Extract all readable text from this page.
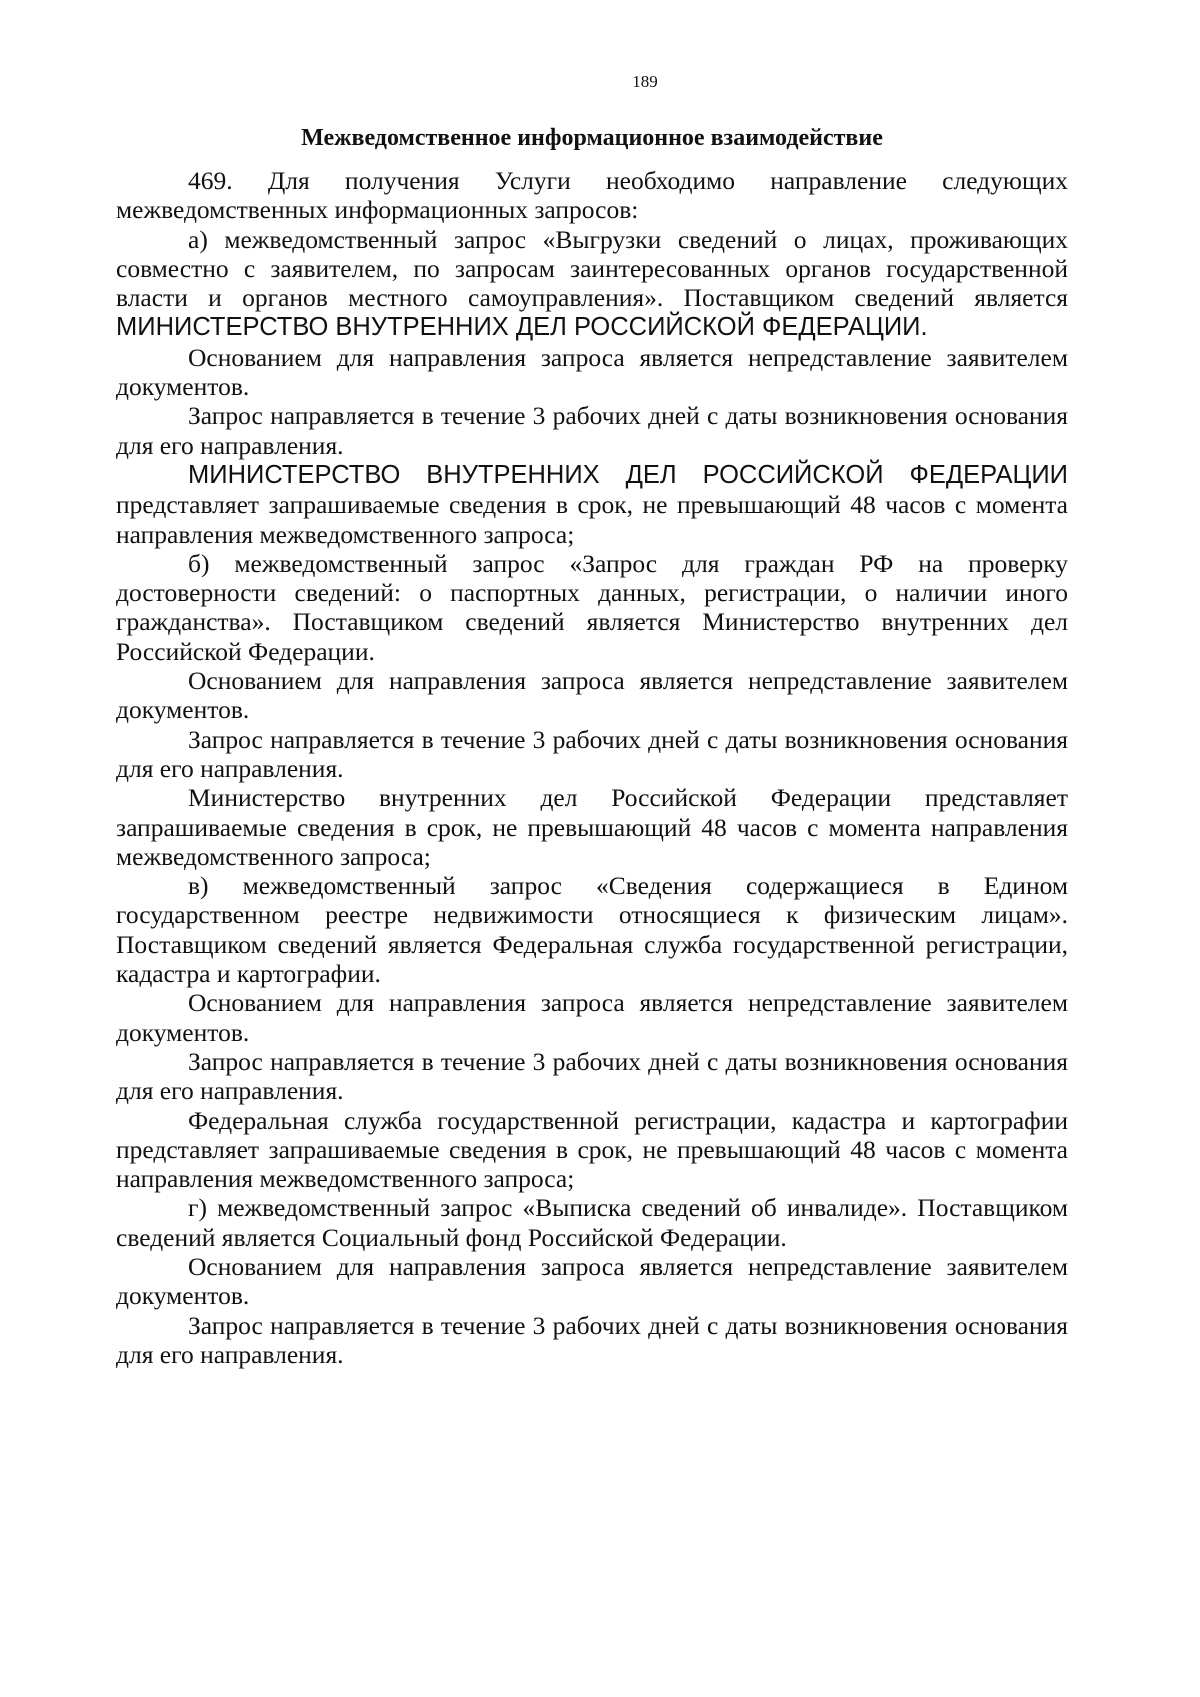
189
Межведомственное информационное взаимодействие

469. Для получения Услуги необходимо направление следующих межведомственных информационных запросов:

а) межведомственный запрос «Выгрузки сведений о лицах, проживающих совместно с заявителем, по запросам заинтересованных органов государственной власти и органов местного самоуправления». Поставщиком сведений является МИНИСТЕРСТВО ВНУТРЕННИХ ДЕЛ РОССИЙСКОЙ ФЕДЕРАЦИИ.

Основанием для направления запроса является непредставление заявителем документов.

Запрос направляется в течение 3 рабочих дней с даты возникновения основания для его направления.

МИНИСТЕРСТВО ВНУТРЕННИХ ДЕЛ РОССИЙСКОЙ ФЕДЕРАЦИИ представляет запрашиваемые сведения в срок, не превышающий 48 часов с момента направления межведомственного запроса;

б) межведомственный запрос «Запрос для граждан РФ на проверку достоверности сведений: о паспортных данных, регистрации, о наличии иного гражданства». Поставщиком сведений является Министерство внутренних дел Российской Федерации.

Основанием для направления запроса является непредставление заявителем документов.

Запрос направляется в течение 3 рабочих дней с даты возникновения основания для его направления.

Министерство внутренних дел Российской Федерации представляет запрашиваемые сведения в срок, не превышающий 48 часов с момента направления межведомственного запроса;

в) межведомственный запрос «Сведения содержащиеся в Едином государственном реестре недвижимости относящиеся к физическим лицам». Поставщиком сведений является Федеральная служба государственной регистрации, кадастра и картографии.

Основанием для направления запроса является непредставление заявителем документов.

Запрос направляется в течение 3 рабочих дней с даты возникновения основания для его направления.

Федеральная служба государственной регистрации, кадастра и картографии представляет запрашиваемые сведения в срок, не превышающий 48 часов с момента направления межведомственного запроса;

г) межведомственный запрос «Выписка сведений об инвалиде». Поставщиком сведений является Социальный фонд Российской Федерации.

Основанием для направления запроса является непредставление заявителем документов.

Запрос направляется в течение 3 рабочих дней с даты возникновения основания для его направления.
